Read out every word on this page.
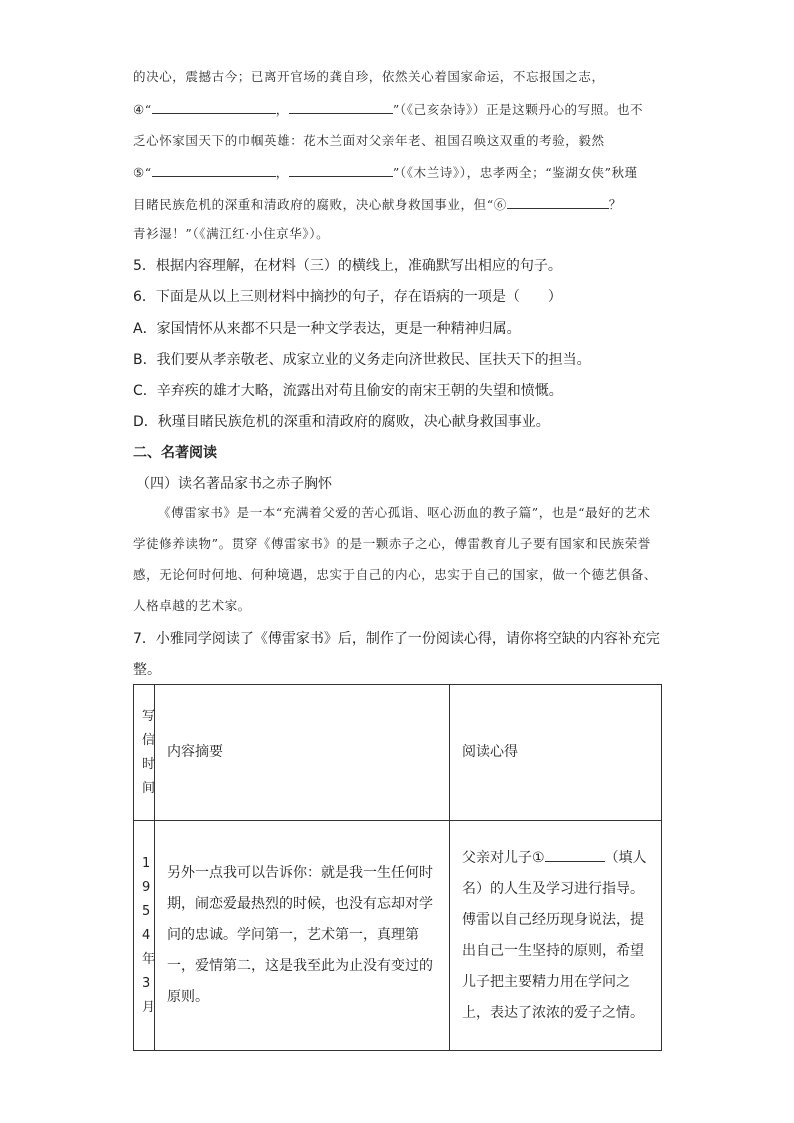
的决心，震撼古今；已离开官场的龚自珍，依然关心着国家命运，不忘报国之志，
④“	，	”（《己亥杂诗》）正是这颗丹心的写照。也不
乏心怀家国天下的巾帼英雄：花木兰面对父亲年老、祖国召唤这双重的考验，毅然
⑤“	，	”（《木兰诗》），忠孝两全；“鉴湖女侠”秋瑾
目睹民族危机的深重和清政府的腐败，决心献身救国事业，但“⑥	？
青衫湿！”（《满江红·小住京华》）。
5．根据内容理解，在材料（三）的横线上，准确默写出相应的句子。
6．下面是从以上三则材料中摘抄的句子，存在语病的一项是（　　）
A．家国情怀从来都不只是一种文学表达，更是一种精神归属。
B．我们要从孝亲敬老、成家立业的义务走向济世救民、匡扶天下的担当。
C．辛弃疾的雄才大略，流露出对苟且偷安的南宋王朝的失望和愤慨。
D．秋瑾目睹民族危机的深重和清政府的腐败，决心献身救国事业。
二、名著阅读
（四）读名著品家书之赤子胸怀
《傅雷家书》是一本“充满着父爱的苦心孤诣、呕心沥血的教子篇”，也是“最好的艺术学徒修养读物”。贯穿《傅雷家书》的是一颗赤子之心，傅雷教育儿子要有国家和民族荣誉感，无论何时何地、何种境遇，忠实于自己的内心，忠实于自己的国家，做一个德艺俱备、人格卓越的艺术家。
7．小雅同学阅读了《傅雷家书》后，制作了一份阅读心得，请你将空缺的内容补充完
整。
写信时间	内容摘要	阅读心得

1954年3月	另外一点我可以告诉你：就是我一生任何时期，闹恋爱最热烈的时候，也没有忘却对学问的忠诚。学问第一，艺术第一，真理第一，爱情第二，这是我至此为止没有变过的原则。	父亲对儿子① （填人名）的人生及学习进行指导。傅雷以自己经历现身说法，提出自己一生坚持的原则，希望儿子把主要精力用在学问之上，表达了浓浓的爱子之情。
